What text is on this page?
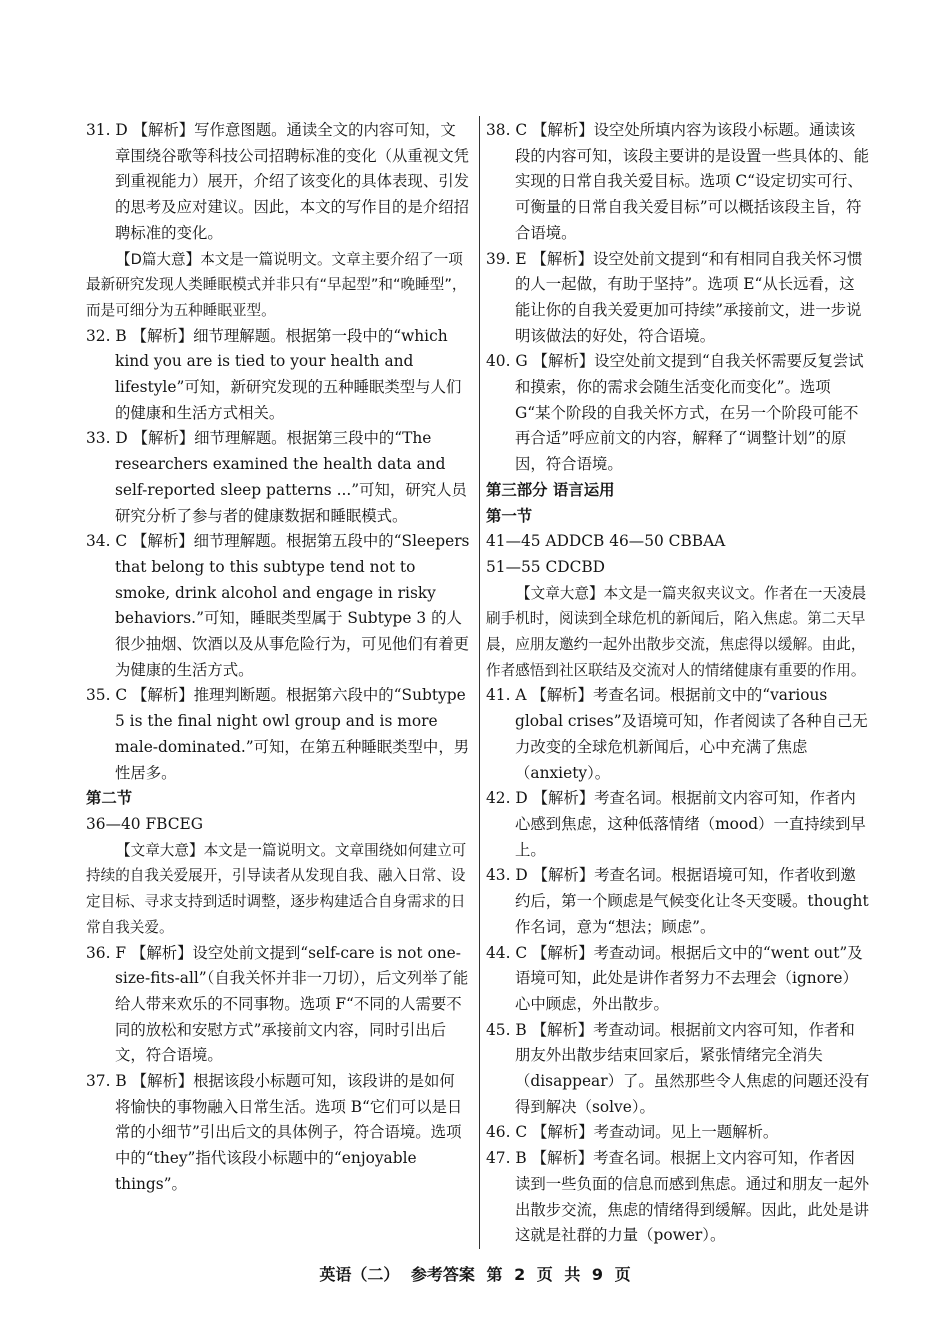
31. D 【解析】写作意图题。通读全文的内容可知，文章围绕谷歌等科技公司招聘标准的变化（从重视文凭到重视能力）展开，介绍了该变化的具体表现、引发的思考及应对建议。因此，本文的写作目的是介绍招聘标准的变化。
【D篇大意】本文是一篇说明文。文章主要介绍了一项最新研究发现人类睡眠模式并非只有“早起型”和“晚睡型”，而是可细分为五种睡眠亚型。
32. B 【解析】细节理解题。根据第一段中的“which kind you are is tied to your health and lifestyle”可知，新研究发现的五种睡眠类型与人们的健康和生活方式相关。
33. D 【解析】细节理解题。根据第三段中的“The researchers examined the health data and self-reported sleep patterns ...”可知，研究人员研究分析了参与者的健康数据和睡眠模式。
34. C 【解析】细节理解题。根据第五段中的“Sleepers that belong to this subtype tend not to smoke, drink alcohol and engage in risky behaviors.”可知，睡眠类型属于 Subtype 3 的人很少抽烟、饮酒以及从事危险行为，可见他们有着更为健康的生活方式。
35. C 【解析】推理判断题。根据第六段中的“Subtype 5 is the final night owl group and is more male-dominated.”可知，在第五种睡眠类型中，男性居多。
第二节
36—40 FBCEG
【文章大意】本文是一篇说明文。文章围绕如何建立可持续的自我关爱展开，引导读者从发现自我、融入日常、设定目标、寻求支持到适时调整，逐步构建适合自身需求的日常自我关爱。
36. F 【解析】设空处前文提到“self-care is not one-size-fits-all”（自我关怀并非一刀切），后文列举了能给人带来欢乐的不同事物。选项 F“不同的人需要不同的放松和安慰方式”承接前文内容，同时引出后文，符合语境。
37. B 【解析】根据该段小标题可知，该段讲的是如何将愉快的事物融入日常生活。选项 B“它们可以是日常的小细节”引出后文的具体例子，符合语境。选项中的“they”指代该段小标题中的“enjoyable things”。
38. C 【解析】设空处所填内容为该段小标题。通读该段的内容可知，该段主要讲的是设置一些具体的、能实现的日常自我关爱目标。选项 C“设定切实可行、可衡量的日常自我关爱目标”可以概括该段主旨，符合语境。
39. E 【解析】设空处前文提到“和有相同自我关怀习惯的人一起做，有助于坚持”。选项 E“从长远看，这能让你的自我关爱更加可持续”承接前文，进一步说明该做法的好处，符合语境。
40. G 【解析】设空处前文提到“自我关怀需要反复尝试和摸索，你的需求会随生活变化而变化”。选项 G“某个阶段的自我关怀方式，在另一个阶段可能不再合适”呼应前文的内容，解释了“调整计划”的原因，符合语境。
第三部分 语言运用
第一节
41—45 ADDCB 46—50 CBBAA
51—55 CDCBD
【文章大意】本文是一篇夹叙夹议文。作者在一天凌晨刷手机时，阅读到全球危机的新闻后，陷入焦虑。第二天早晨，应朋友邀约一起外出散步交流，焦虑得以缓解。由此，作者感悟到社区联结及交流对人的情绪健康有重要的作用。
41. A 【解析】考查名词。根据前文中的“various global crises”及语境可知，作者阅读了各种自己无力改变的全球危机新闻后，心中充满了焦虑（anxiety）。
42. D 【解析】考查名词。根据前文内容可知，作者内心感到焦虑，这种低落情绪（mood）一直持续到早上。
43. D 【解析】考查名词。根据语境可知，作者收到邀约后，第一个顾虑是气候变化让冬天变暖。thought 作名词，意为“想法；顾虑”。
44. C 【解析】考查动词。根据后文中的“went out”及语境可知，此处是讲作者努力不去理会（ignore）心中顾虑，外出散步。
45. B 【解析】考查动词。根据前文内容可知，作者和朋友外出散步结束回家后，紧张情绪完全消失（disappear）了。虽然那些令人焦虑的问题还没有得到解决（solve）。
46. C 【解析】考查动词。见上一题解析。
47. B 【解析】考查名词。根据上文内容可知，作者因读到一些负面的信息而感到焦虑。通过和朋友一起外出散步交流，焦虑的情绪得到缓解。因此，此处是讲这就是社群的力量（power）。
英语（二） 参考答案 第 2 页 共 9 页
